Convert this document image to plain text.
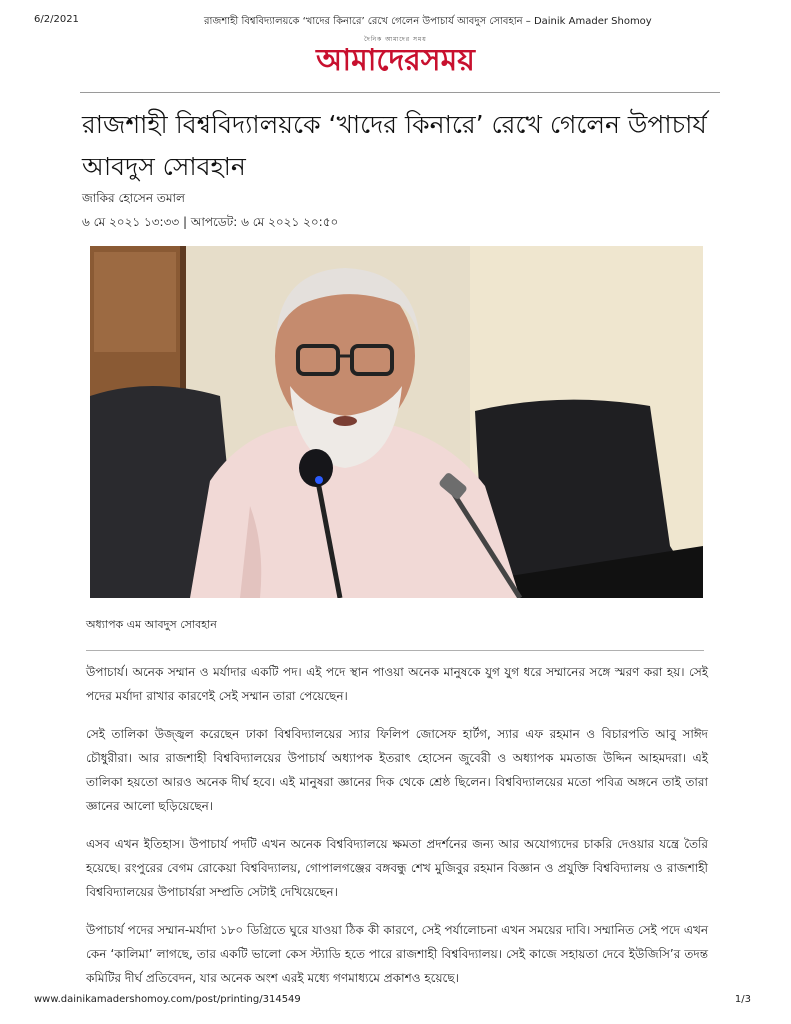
6/2/2021	রাজশাহী বিশ্ববিদ্যালয়কে ‘খাদের কিনারে’ রেখে গেলেন উপাচার্য আবদুস সোবহান – Dainik Amader Shomoy
দৈনিক আমাদের সময়
আমাদেরসময়
রাজশাহী বিশ্ববিদ্যালয়কে ‘খাদের কিনারে’ রেখে গেলেন উপাচার্য আবদুস সোবহান
জাকির হোসেন তমাল
৬ মে ২০২১ ১৩:৩৩ | আপডেট: ৬ মে ২০২১ ২০:৫০
অধ্যাপক এম আবদুস সোবহান

উপাচার্য। অনেক সম্মান ও মর্যাদার একটি পদ। এই পদে স্থান পাওয়া অনেক মানুষকে যুগ যুগ ধরে সম্মানের সঙ্গে স্মরণ করা হয়। সেই পদের মর্যাদা রাখার কারণেই সেই সম্মান তারা পেয়েছেন।

সেই তালিকা উজ্জ্বল করেছেন ঢাকা বিশ্ববিদ্যালয়ের স্যার ফিলিপ জোসেফ হার্টগ, স্যার এফ রহমান ও বিচারপতি আবু সাঈদ চৌধুরীরা। আর রাজশাহী বিশ্ববিদ্যালয়ের উপাচার্য অধ্যাপক ইতরাৎ হোসেন জুবেরী ও অধ্যাপক মমতাজ উদ্দিন আহমদরা। এই তালিকা হয়তো আরও অনেক দীর্ঘ হবে। এই মানুষরা জ্ঞানের দিক থেকে শ্রেষ্ঠ ছিলেন। বিশ্ববিদ্যালয়ের মতো পবিত্র অঙ্গনে তাই তারা জ্ঞানের আলো ছড়িয়েছেন।

এসব এখন ইতিহাস। উপাচার্য পদটি এখন অনেক বিশ্ববিদ্যালয়ে ক্ষমতা প্রদর্শনের জন্য আর অযোগ্যদের চাকরি দেওয়ার যন্ত্রে তৈরি হয়েছে। রংপুরের বেগম রোকেয়া বিশ্ববিদ্যালয়, গোপালগঞ্জের বঙ্গবন্ধু শেখ মুজিবুর রহমান বিজ্ঞান ও প্রযুক্তি বিশ্ববিদ্যালয় ও রাজশাহী বিশ্ববিদ্যালয়ের উপাচার্যরা সম্প্রতি সেটাই দেখিয়েছেন।

উপাচার্য পদের সম্মান-মর্যাদা ১৮০ ডিগ্রিতে ঘুরে যাওয়া ঠিক কী কারণে, সেই পর্যালোচনা এখন সময়ের দাবি। সম্মানিত সেই পদে এখন কেন ‘কালিমা’ লাগছে, তার একটি ভালো কেস স্ট্যাডি হতে পারে রাজশাহী বিশ্ববিদ্যালয়। সেই কাজে সহায়তা দেবে ইউজিসি’র তদন্ত কমিটির দীর্ঘ প্রতিবেদন, যার অনেক অংশ এরই মধ্যে গণমাধ্যমে প্রকাশও হয়েছে।

www.dainikamadershomoy.com/post/printing/314549	1/3
